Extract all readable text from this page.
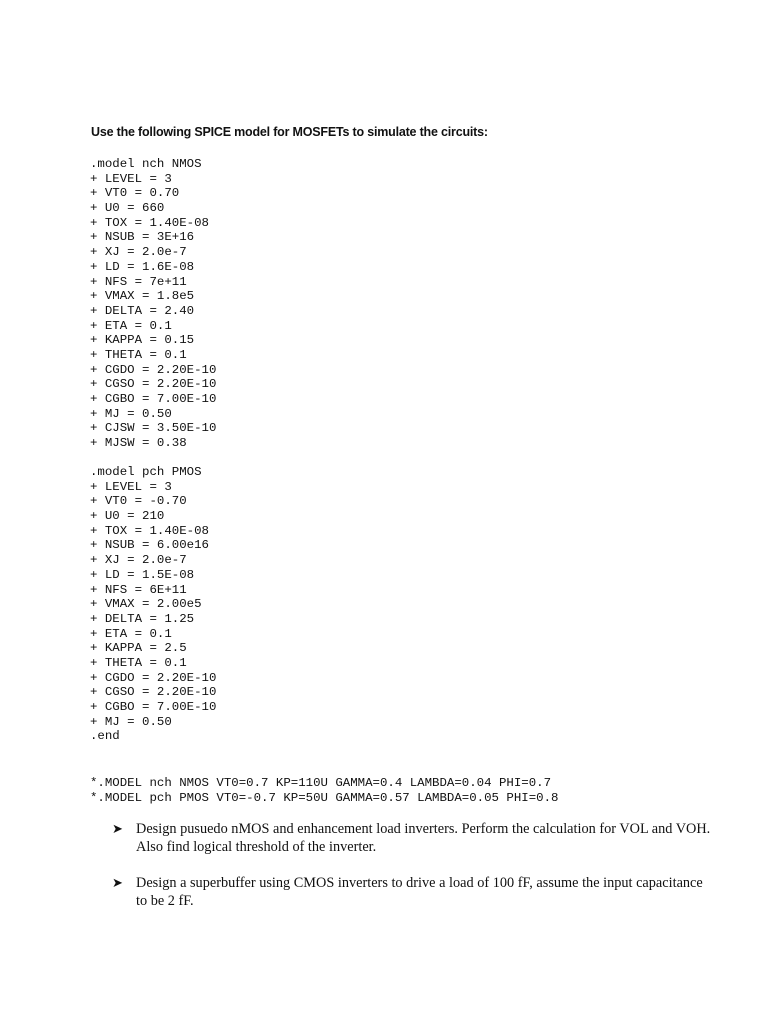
Use the following SPICE model for MOSFETs to simulate the circuits:
.model nch NMOS
+ LEVEL = 3
+ VT0 = 0.70
+ U0 = 660
+ TOX = 1.40E-08
+ NSUB = 3E+16
+ XJ = 2.0e-7
+ LD = 1.6E-08
+ NFS = 7e+11
+ VMAX = 1.8e5
+ DELTA = 2.40
+ ETA = 0.1
+ KAPPA = 0.15
+ THETA = 0.1
+ CGDO = 2.20E-10
+ CGSO = 2.20E-10
+ CGBO = 7.00E-10
+ MJ = 0.50
+ CJSW = 3.50E-10
+ MJSW = 0.38
.model pch PMOS
+ LEVEL = 3
+ VT0 = -0.70
+ U0 = 210
+ TOX = 1.40E-08
+ NSUB = 6.00e16
+ XJ = 2.0e-7
+ LD = 1.5E-08
+ NFS = 6E+11
+ VMAX = 2.00e5
+ DELTA = 1.25
+ ETA = 0.1
+ KAPPA = 2.5
+ THETA = 0.1
+ CGDO = 2.20E-10
+ CGSO = 2.20E-10
+ CGBO = 7.00E-10
+ MJ = 0.50
.end
*.MODEL nch NMOS VT0=0.7 KP=110U GAMMA=0.4 LAMBDA=0.04 PHI=0.7
*.MODEL pch PMOS VT0=-0.7 KP=50U GAMMA=0.57 LAMBDA=0.05 PHI=0.8
➤ Design pusuedo nMOS and enhancement load inverters. Perform the calculation for VOL and VOH. Also find logical threshold of the inverter.
➤ Design a superbuffer using CMOS inverters to drive a load of 100 fF, assume the input capacitance to be 2 fF.
